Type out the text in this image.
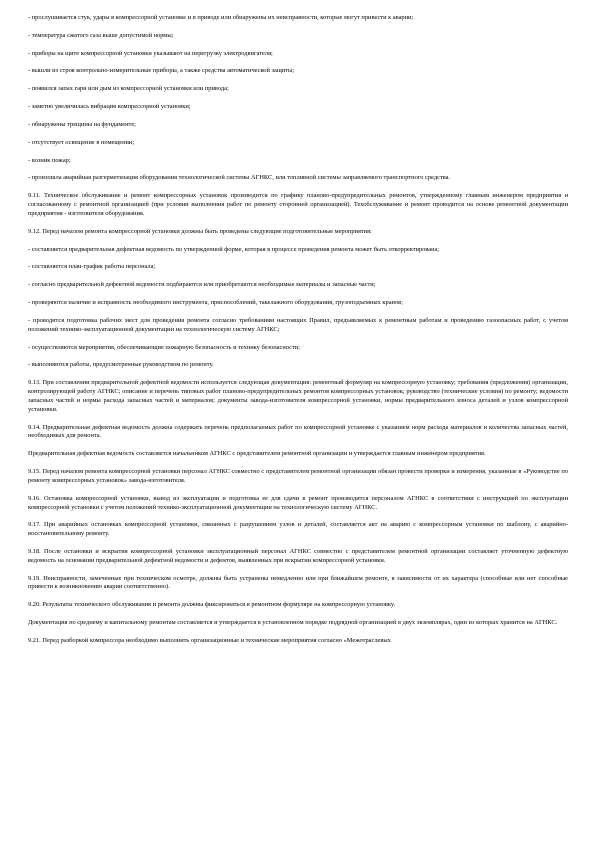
- прослушивается стук, удары в компрессорной установке и в приводе или обнаружены их неисправности, которые могут привести к аварии;

- температура сжатого газа выше допустимой нормы;

- приборы на щите компрессорной установки указывают на перегрузку электродвигателя;

- вышли из строя контрольно-измерительные приборы, а также средства автоматической защиты;

- появился запах гари или дым из компрессорной установки или привода;

- заметно увеличилась вибрация компрессорной установки;

- обнаружены трещины на фундаменте;

- отсутствует освещение в помещении;

- возник пожар;

- произошла аварийная разгерметизация оборудования технологической системы АГНКС, или топливной системы заправляемого транспортного средства.

9.11. Техническое обслуживание и ремонт компрессорных установок производится по графику планово-предупредительных ремонтов, утвержденному главным инженером предприятия и согласованному с ремонтной организацией (при условии выполнения работ по ремонту сторонней организацией). Техобслуживание и ремонт проводится на основе ремонтной документации предприятия - изготовителя оборудования.

9.12. Перед началом ремонта компрессорной установки должны быть проведены следующие подготовительные мероприятия:

- составляется предварительная дефектная ведомость по утвержденной форме, которая в процессе проведения ремонта может быть откорректирована;

- составляется план-график работы персонала;

- согласно предварительной дефектной ведомости подбираются или приобретаются необходимые материалы и запасные части;

- проверяются наличие и исправность необходимого инструмента, приспособлений, такелажного оборудования, грузоподъемных кранов;

- проводится подготовка рабочих мест для проведения ремонта согласно требованиям настоящих Правил, предъявляемых к ремонтным работам и проведению газоопасных работ, с учетом положений технико-эксплуатационной документации на технологическую систему АГНКС;

- осуществляются мероприятия, обеспечивающие пожарную безопасность и технику безопасности;

- выполняются работы, предусмотренные руководством по ремонту.

9.13. При составлении предварительной дефектной ведомости используется следующая документация: ремонтный формуляр на компрессорную установку; требования (предложения) организации, контролирующей работу АГНКС; описание и перечень типовых работ планово-предупредительных ремонтов компрессорных установок; руководство (технические условия) по ремонту; ведомости запасных частей и нормы расхода запасных частей и материалов; документы завода-изготовителя компрессорной установки, нормы предварительного износа деталей и узлов компрессорной установки.

9.14. Предварительная дефектная ведомость должна содержать перечень предполагаемых работ по компрессорной установке с указанием норм расхода материалов и количества запасных частей, необходимых для ремонта.

Предварительная дефектная ведомость составляется начальником АГНКС с представителем ремонтной организации и утверждается главным инженером предприятия.

9.15. Перед началом ремонта компрессорной установки персонал АГНКС совместно с представителем ремонтной организации обязан провести проверки и измерения, указанные в «Руководстве по ремонту компрессорных установок» завода-изготовителя.

9.16. Остановка компрессорной установки, вывод из эксплуатации и подготовка ее для сдачи в ремонт производится персоналом АГНКС в соответствии с инструкцией по эксплуатации компрессорной установки с учетом положений технико-эксплуатационной документации на технологическую систему АГНКС.

9.17. При аварийных остановках компрессорной установки, связанных с разрушением узлов и деталей, составляется акт на аварию с компрессорным установки по шаблону, с аварийно-восстановительному ремонту.

9.18. После остановки и вскрытия компрессорной установки эксплуатационный персонал АГНКС совместно с представителем ремонтной организации составляет уточненную дефектную ведомость на основании предварительной дефектной ведомости и дефектов, выявленных при вскрытии компрессорной установки.

9.19. Неисправности, замеченные при техническом осмотре, должны быть устранены немедленно или при ближайшем ремонте, в зависимости от их характера (способные или нет способные привести к возникновению аварии соответственно).

9.20. Результаты технического обслуживания и ремонта должны фиксироваться в ремонтном формуляре на компрессорную установку.

Документация по среднему и капитальному ремонтам составляется и утверждается в установленном порядке подрядной организацией в двух экземплярах, один из которых хранится на АГНКС.

9.21. Перед разборкой компрессора необходимо выполнить организационные и технические мероприятия согласно «Межотраслевых
